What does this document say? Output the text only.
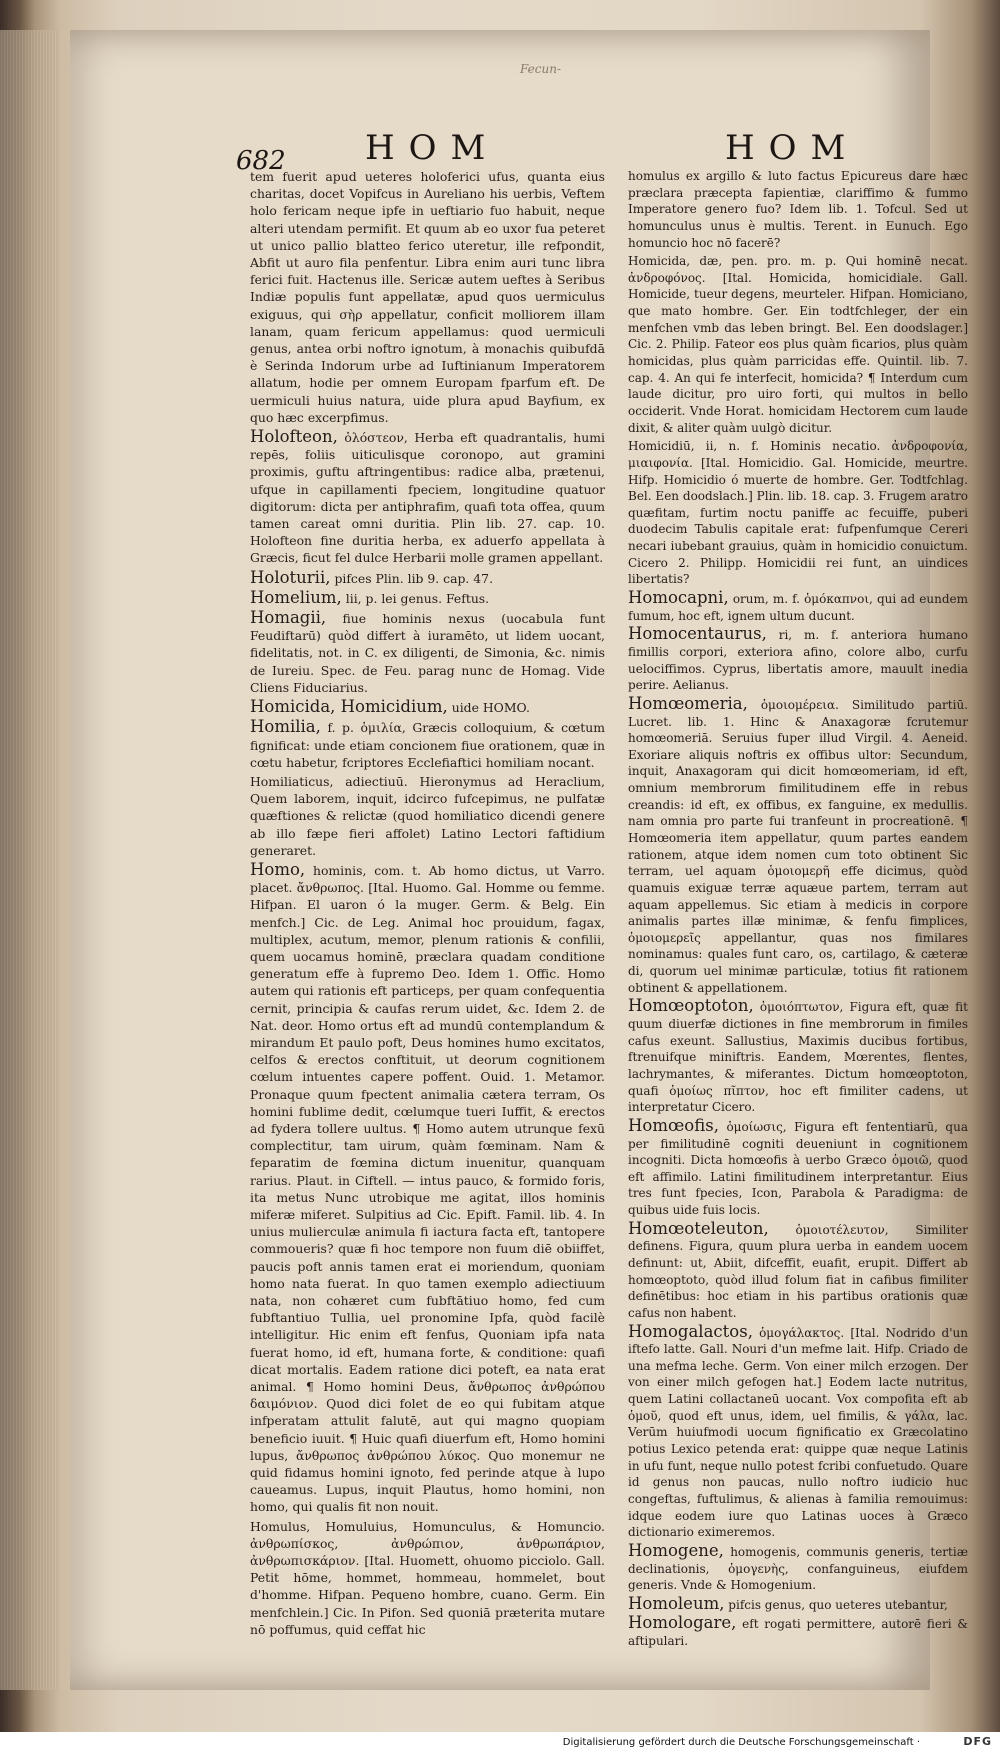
Fecun-
682 HOM	HOM

tem fuerit apud ueteres holoferici ufus, quanta eius charitas, docet Vopifcus in Aureliano his uerbis, Veftem holo fericam neque ipfe in ueftiario fuo habuit, neque alteri utendam permifit. Et quum ab eo uxor fua peteret ut unico pallio blatteo ferico uteretur, ille refpondit, Abfit ut auro fila penfentur. Libra enim auri tunc libra ferici fuit. Hactenus ille. Sericæ autem ueftes à Seribus Indiæ populis funt appellatæ, apud quos uermiculus exiguus, qui σὴρ appellatur, conficit molliorem illam lanam, quam fericum appellamus: quod uermiculi genus, antea orbi noftro ignotum, à monachis quibufdā è Serinda Indorum urbe ad Iuftinianum Imperatorem allatum, hodie per omnem Europam fparfum eft. De uermiculi huius natura, uide plura apud Bayfium, ex quo hæc excerpfimus.

Holofteon, ὁλόστεον, Herba eft quadrantalis, humi repēs, foliis uiticulisque coronopo, aut gramini proximis, guftu aftringentibus: radice alba, prætenui, ufque in capillamenti fpeciem, longitudine quatuor digitorum: dicta per antiphrafim, quafi tota offea, quum tamen careat omni duritia. Plin lib. 27. cap. 10. Holofteon fine duritia herba, ex aduerfo appellata à Græcis, ficut fel dulce Herbarii molle gramen appellant.

Holoturii, pifces Plin. lib 9. cap. 47.

Homelium, lii, p. lei genus. Feftus.

Homagii, fiue hominis nexus (uocabula funt Feudiftarū) quòd differt à iuramēto, ut lidem uocant, fidelitatis, not. in C. ex diligenti, de Simonia, &c. nimis de Iureiu. Spec. de Feu. parag nunc de Homag. Vide Cliens Fiduciarius.

Homicida, Homicidium, uide HOMO.

Homilia, f. p. ὁμιλία, Græcis colloquium, & cœtum fignificat: unde etiam concionem fiue orationem, quæ in cœtu habetur, fcriptores Ecclefiaftici homiliam nocant.

Homiliaticus, adiectiuū. Hieronymus ad Heraclium, Quem laborem, inquit, idcirco fufcepimus, ne pulfatæ quæftiones & relictæ (quod homiliatico dicendi genere ab illo fæpe fieri affolet) Latino Lectori faftidium generaret.

Homo, hominis, com. t. Ab homo dictus, ut Varro. placet. ἄνθρωπος. [Ital. Huomo. Gal. Homme ou femme. Hifpan. El uaron ó la muger. Germ. & Belg. Ein menfch.] Cic. de Leg. Animal hoc prouidum, fagax, multiplex, acutum, memor, plenum rationis & confilii, quem uocamus hominē, præclara quadam conditione generatum effe à fupremo Deo. Idem 1. Offic. Homo autem qui rationis eft particeps, per quam confequentia cernit, principia & caufas rerum uidet, &c. Idem 2. de Nat. deor. Homo ortus eft ad mundū contemplandum & mirandum Et paulo poft, Deus homines humo excitatos, celfos & erectos conftituit, ut deorum cognitionem cœlum intuentes capere poffent. Ouid. 1. Metamor. Pronaque quum fpectent animalia cætera terram, Os homini fublime dedit, cœlumque tueri Iuffit, & erectos ad fydera tollere uultus. ¶ Homo autem utrunque fexū complectitur, tam uirum, quàm fœminam. Nam & feparatim de fœmina dictum inuenitur, quanquam rarius. Plaut. in Ciftell. — intus pauco, & formido foris, ita metus Nunc utrobique me agitat, illos hominis miferæ miferet. Sulpitius ad Cic. Epift. Famil. lib. 4. In unius mulierculæ animula fi iactura facta eft, tantopere commoueris? quæ fi hoc tempore non fuum diē obiiffet, paucis poft annis tamen erat ei moriendum, quoniam homo nata fuerat. In quo tamen exemplo adiectiuum nata, non cohæret cum fubftātiuo homo, fed cum fubftantiuo Tullia, uel pronomine Ipfa, quòd facilè intelligitur. Hic enim eft fenfus, Quoniam ipfa nata fuerat homo, id eft, humana forte, & conditione: quafi dicat mortalis. Eadem ratione dici poteft, ea nata erat animal. ¶ Homo homini Deus, ἄνθρωπος ἀνθρώπου δαιμόνιον. Quod dici folet de eo qui fubitam atque infperatam attulit falutē, aut qui magno quopiam beneficio iuuit. ¶ Huic quafi diuerfum eft, Homo homini lupus, ἄνθρωπος ἀνθρώπου λύκος. Quo monemur ne quid fidamus homini ignoto, fed perinde atque à lupo caueamus. Lupus, inquit Plautus, homo homini, non homo, qui qualis fit non nouit.

Homulus, Homuluius, Homunculus, & Homuncio. ἀνθρωπίσκος, ἀνθρώπιον, ἀνθρωπάριον, ἀνθρωπισκάριον. [Ital. Huomett, ohuomo picciolo. Gall. Petit hōme, hommet, hommeau, hommelet, bout d'homme. Hifpan. Pequeno hombre, cuano. Germ. Ein menfchlein.] Cic. In Pifon. Sed quoniā præterita mutare nō poffumus, quid ceffat hic

homulus ex argillo & luto factus Epicureus dare hæc præclara præcepta fapientiæ, clariffimo & fummo Imperatore genero fuo? Idem lib. 1. Tofcul. Sed ut homunculus unus è multis. Terent. in Eunuch. Ego homuncio hoc nō facerē?

Homicida, dæ, pen. pro. m. p. Qui hominē necat. ἀνδροφόνος. [Ital. Homicida, homicidiale. Gall. Homicide, tueur degens, meurteler. Hifpan. Homiciano, que mato hombre. Ger. Ein todtfchleger, der ein menfchen vmb das leben bringt. Bel. Een doodslager.] Cic. 2. Philip. Fateor eos plus quàm ficarios, plus quàm homicidas, plus quàm parricidas effe. Quintil. lib. 7. cap. 4. An qui fe interfecit, homicida? ¶ Interdum cum laude dicitur, pro uiro forti, qui multos in bello occiderit. Vnde Horat. homicidam Hectorem cum laude dixit, & aliter quàm uulgò dicitur.

Homicidiū, ii, n. f. Hominis necatio. ἀνδροφονία, μιαιφονία. [Ital. Homicidio. Gal. Homicide, meurtre. Hifp. Homicidio ó muerte de hombre. Ger. Todtfchlag. Bel. Een doodslach.] Plin. lib. 18. cap. 3. Frugem aratro quæfitam, furtim noctu paniffe ac fecuiffe, puberi duodecim Tabulis capitale erat: fufpenfumque Cereri necari iubebant grauius, quàm in homicidio conuictum. Cicero 2. Philipp. Homicidii rei funt, an uindices libertatis?

Homocapni, orum, m. f. ὁμόκαπνοι, qui ad eundem fumum, hoc eft, ignem ultum ducunt.

Homocentaurus, ri, m. f. anteriora humano fimillis corpori, exteriora afino, colore albo, curfu uelociffimos. Cyprus, libertatis amore, mauult inedia perire. Aelianus.

Homœomeria, ὁμοιομέρεια. Similitudo partiū. Lucret. lib. 1. Hinc & Anaxagoræ fcrutemur homœomeriā. Seruius fuper illud Virgil. 4. Aeneid. Exoriare aliquis noftris ex offibus ultor: Secundum, inquit, Anaxagoram qui dicit homœomeriam, id eft, omnium membrorum fimilitudinem effe in rebus creandis: id eft, ex offibus, ex fanguine, ex medullis. nam omnia pro parte fui tranfeunt in procreationē. ¶ Homœomeria item appellatur, quum partes eandem rationem, atque idem nomen cum toto obtinent Sic terram, uel aquam ὁμοιομερῆ effe dicimus, quòd quamuis exiguæ terræ aquæue partem, terram aut aquam appellemus. Sic etiam à medicis in corpore animalis partes illæ minimæ, & fenfu fimplices, ὁμοιομερεῖς appellantur, quas nos fimilares nominamus: quales funt caro, os, cartilago, & cæteræ di, quorum uel minimæ particulæ, totius fit rationem obtinent & appellationem.

Homœoptoton, ὁμοιόπτωτον, Figura eft, quæ fit quum diuerfæ dictiones in fine membrorum in fimiles cafus exeunt. Sallustius, Maximis ducibus fortibus, ftrenuifque miniftris. Eandem, Mœrentes, flentes, lachrymantes, & miferantes. Dictum homœoptoton, quafi ὁμοίως πῖπτον, hoc eft fimiliter cadens, ut interpretatur Cicero.

Homœofis, ὁμοίωσις, Figura eft fententiarū, qua per fimilitudinē cogniti deueniunt in cognitionem incogniti. Dicta homœofis à uerbo Græco ὁμοιῶ, quod eft affimilo. Latini fimilitudinem interpretantur. Eius tres funt fpecies, Icon, Parabola & Paradigma: de quibus uide fuis locis.

Homœoteleuton, ὁμοιοτέλευτον, Similiter definens. Figura, quum plura uerba in eandem uocem definunt: ut, Abiit, difceffit, euafit, erupit. Differt ab homœoptoto, quòd illud folum fiat in cafibus fimiliter definētibus: hoc etiam in his partibus orationis quæ cafus non habent.

Homogalactos, ὁμογάλακτος. [Ital. Nodrido d'un iftefo latte. Gall. Nouri d'un mefme lait. Hifp. Criado de una mefma leche. Germ. Von einer milch erzogen. Der von einer milch gefogen hat.] Eodem lacte nutritus, quem Latini collactaneū uocant. Vox compofita eft ab ὁμοῦ, quod eft unus, idem, uel fimilis, & γάλα, lac. Verūm huiufmodi uocum fignificatio ex Græcolatino potius Lexico petenda erat: quippe quæ neque Latinis in ufu funt, neque nullo potest fcribi confuetudo. Quare id genus non paucas, nullo noftro iudicio huc congeftas, fuftulimus, & alienas à familia remouimus: idque eodem iure quo Latinas uoces à Græco dictionario eximeremos.

Homogene, homogenis, communis generis, tertiæ declinationis, ὁμογενὴς, confanguineus, eiufdem generis. Vnde & Homogenium.

Homoleum, pifcis genus, quo ueteres utebantur,

Homologare, eft rogati permittere, autorē fieri & aftipulari.

Digitalisierung gefördert durch die Deutsche Forschungsgemeinschaft ·	DFG
